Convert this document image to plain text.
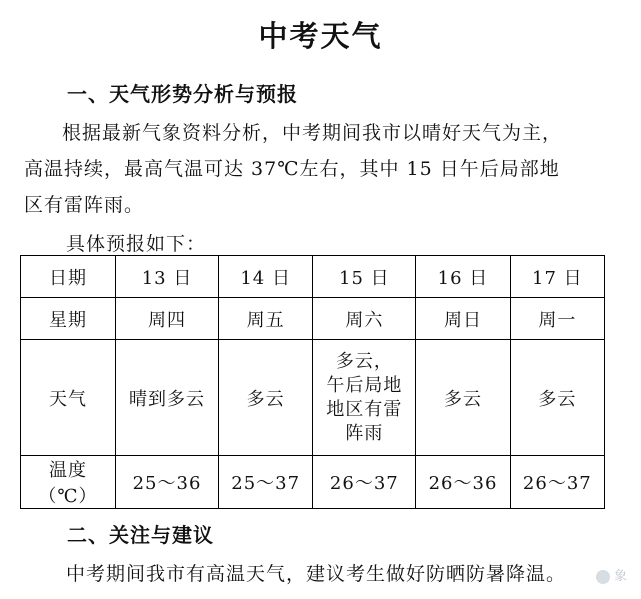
中考天气
一、天气形势分析与预报
根据最新气象资料分析，中考期间我市以晴好天气为主，
高温持续，最高气温可达 37℃左右，其中 15 日午后局部地
区有雷阵雨。
具体预报如下：
日期	13 日	14 日	15 日	16 日	17 日
星期	周四	周五	周六	周日	周一
天气	晴到多云	多云	多云，
午后局地
地区有雷
阵雨	多云	多云
温度（℃）	25～36	25～37	26～37	26～36	26～37
二、关注与建议
中考期间我市有高温天气，建议考生做好防晒防暑降温。	象
